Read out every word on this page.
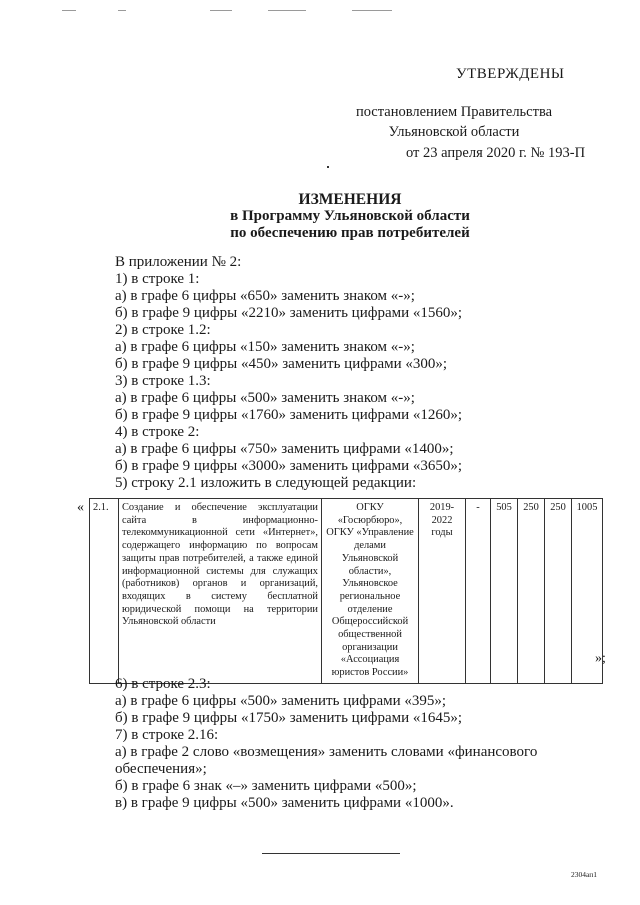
УТВЕРЖДЕНЫ
постановлением Правительства
Ульяновской области
от 23 апреля 2020 г. № 193-П
ИЗМЕНЕНИЯ
в Программу Ульяновской области
по обеспечению прав потребителей
В приложении № 2:
1) в строке 1:
а) в графе 6 цифры «650» заменить знаком «-»;
б) в графе 9 цифры «2210» заменить цифрами «1560»;
2) в строке 1.2:
а) в графе 6 цифры «150» заменить знаком «-»;
б) в графе 9 цифры «450» заменить цифрами «300»;
3) в строке 1.3:
а) в графе 6 цифры «500» заменить знаком «-»;
б) в графе 9 цифры «1760» заменить цифрами «1260»;
4) в строке 2:
а) в графе 6 цифры «750» заменить цифрами «1400»;
б) в графе 9 цифры «3000» заменить цифрами «3650»;
5) строку 2.1 изложить в следующей редакции:
« 2.1.	Создание и обеспечение эксплуатации сайта в информационно-телекоммуникационной сети «Интернет», содержащего информацию по вопросам защиты прав потребителей, а также единой информационной системы для служащих (работников) органов и организаций, входящих в систему бесплатной юридической помощи на территории Ульяновской области	ОГКУ «Госюрбюро», ОГКУ «Управление делами Ульяновской области», Ульяновское региональное отделение Общероссийской общественной организации «Ассоциация юристов России»	2019-2022 годы	-	505	250	250	1005
»;
6) в строке 2.3:
а) в графе 6 цифры «500» заменить цифрами «395»;
б) в графе 9 цифры «1750» заменить цифрами «1645»;
7) в строке 2.16:
а) в графе 2 слово «возмещения» заменить словами «финансового обеспечения»;
б) в графе 6 знак «–» заменить цифрами «500»;
в) в графе 9 цифры «500» заменить цифрами «1000».
2304ап1
